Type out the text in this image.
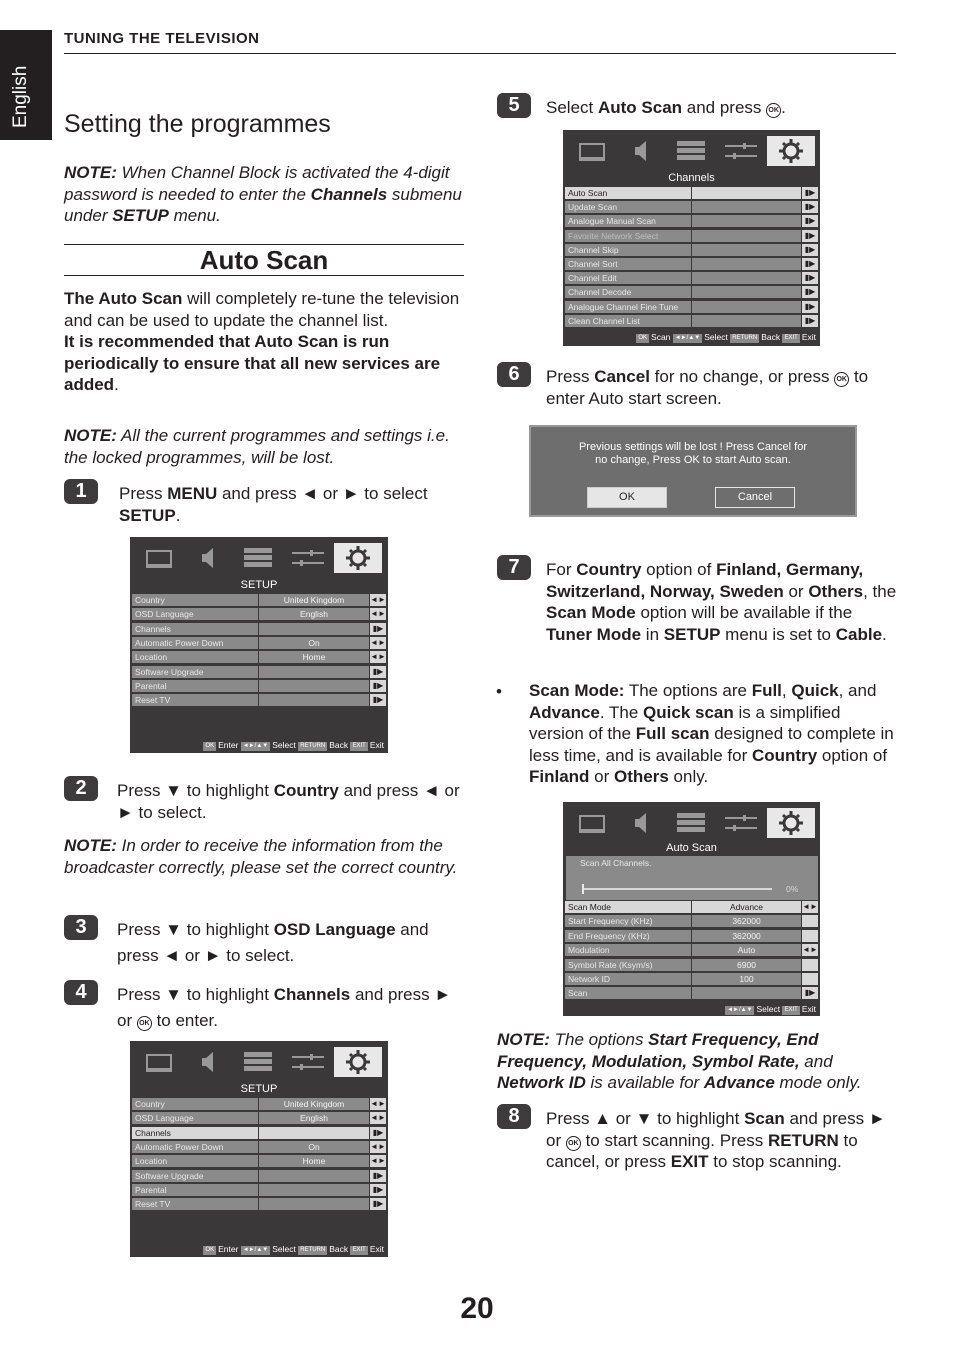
English
TUNING THE TELEVISION
Setting the programmes
NOTE: When Channel Block is activated the 4-digit password is needed to enter the Channels submenu under SETUP menu.
Auto Scan
The Auto Scan will completely re-tune the television and can be used to update the channel list.
It is recommended that Auto Scan is run periodically to ensure that all new services are added.
NOTE: All the current programmes and settings i.e. the locked programmes, will be lost.
1	Press MENU and press ◄ or ► to select SETUP.
SETUP
Country	United Kingdom	◄►
OSD Language	English	◄►
Channels	▮▶
Automatic Power Down	On	◄►
Location	Home	◄►
Software Upgrade	▮▶
Parental	▮▶
Reset TV	▮▶
OK Enter ◄►/▲▼ Select RETURN Back EXIT Exit
2	Press ▼ to highlight Country and press ◄ or ► to select.
NOTE: In order to receive the information from the broadcaster correctly, please set the correct country.
3	Press ▼ to highlight OSD Language and press ◄ or ► to select.
4	Press ▼ to highlight Channels and press ► or OK to enter.
SETUP
Country	United Kingdom	◄►
OSD Language	English	◄►
Channels	▮▶
Automatic Power Down	On	◄►
Location	Home	◄►
Software Upgrade	▮▶
Parental	▮▶
Reset TV	▮▶
OK Enter ◄►/▲▼ Select RETURN Back EXIT Exit
5	Select Auto Scan and press OK .
Channels
Auto Scan	▮▶
Update Scan	▮▶
Analogue Manual Scan	▮▶
Favorite Network Select	▮▶
Channel Skip	▮▶
Channel Sort	▮▶
Channel Edit	▮▶
Channel Decode	▮▶
Analogue Channel Fine Tune	▮▶
Clean Channel List	▮▶
OK Scan ◄►/▲▼ Select RETURN Back EXIT Exit
6	Press Cancel for no change, or press OK to enter Auto start screen.
Previous settings will be lost ! Press Cancel for
no change, Press OK to start Auto scan.
OK	Cancel
7	For Country option of Finland, Germany, Switzerland, Norway, Sweden or Others, the Scan Mode option will be available if the Tuner Mode in SETUP menu is set to Cable.
• Scan Mode: The options are Full, Quick, and Advance. The Quick scan is a simplified version of the Full scan designed to complete in less time, and is available for Country option of Finland or Others only.
Auto Scan
Scan All Channels.
0%
Scan Mode	Advance	◄►
Start Frequency (KHz)	362000
End Frequency (KHz)	362000
Modulation	Auto	◄►
Symbol Rate (Ksym/s)	6900
Network ID	100
Scan	▮▶
◄►/▲▼ Select EXIT Exit
NOTE: The options Start Frequency, End Frequency, Modulation, Symbol Rate, and Network ID is available for Advance mode only.
8	Press ▲ or ▼ to highlight Scan and press ► or OK to start scanning. Press RETURN to cancel, or press EXIT to stop scanning.
20
